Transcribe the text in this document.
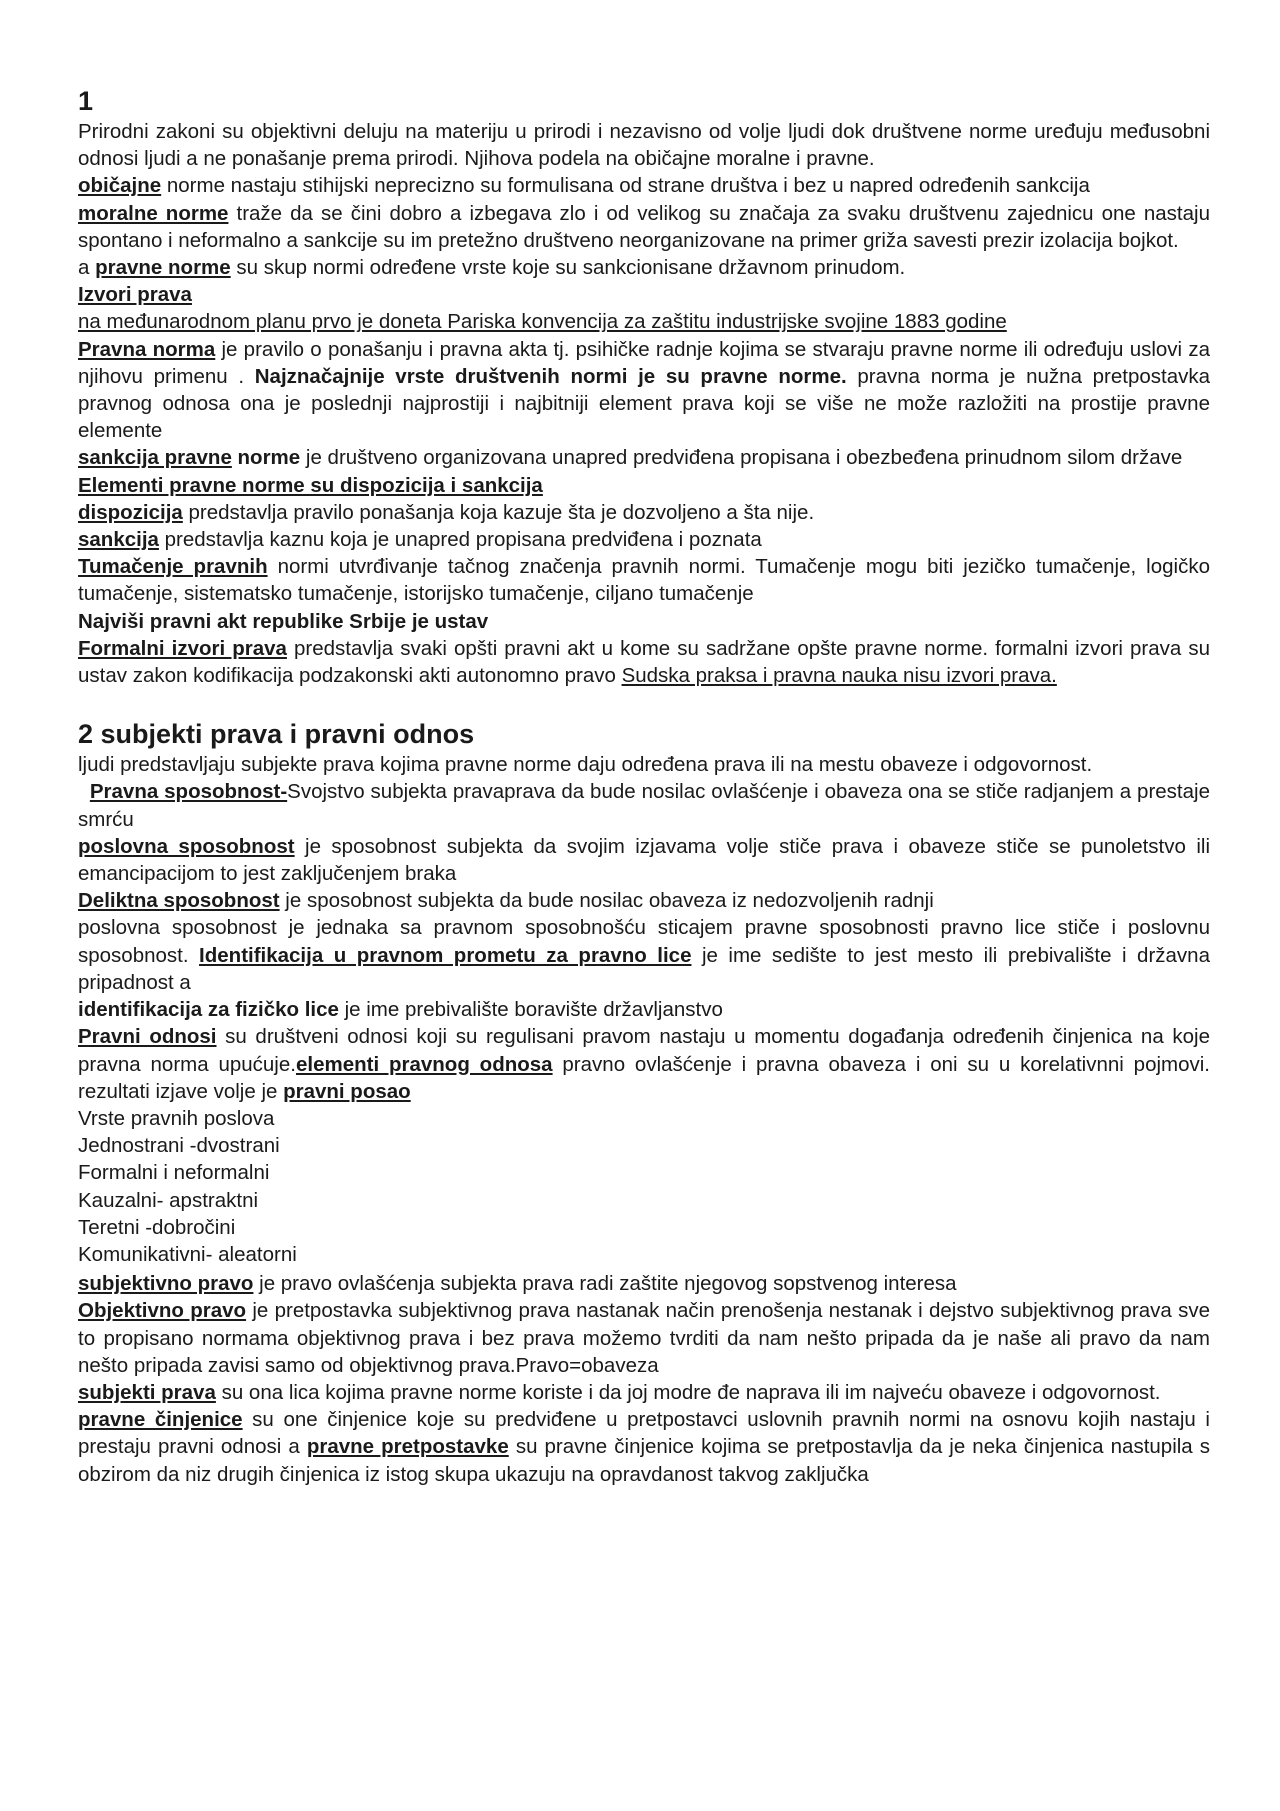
1

Prirodni zakoni su objektivni deluju na materiju u prirodi i nezavisno od volje ljudi dok društvene norme uređuju međusobni odnosi ljudi a ne ponašanje prema prirodi. Njihova podela na običajne moralne i pravne.

običajne norme nastaju stihijski neprecizno su formulisana od strane društva i bez u napred određenih sankcija

moralne norme traže da se čini dobro a izbegava zlo i od velikog su značaja za svaku društvenu zajednicu one nastaju spontano i neformalno a sankcije su im pretežno društveno neorganizovane na primer griža savesti prezir izolacija bojkot.

a pravne norme su skup normi određene vrste koje su sankcionisane državnom prinudom.

Izvori prava

na međunarodnom planu prvo je doneta Pariska konvencija za zaštitu industrijske svojine 1883 godine

Pravna norma je pravilo o ponašanju i pravna akta tj. psihičke radnje kojima se stvaraju pravne norme ili određuju uslovi za njihovu primenu . Najznačajnije vrste društvenih normi je su pravne norme. pravna norma je nužna pretpostavka pravnog odnosa ona je poslednji najprostiji i najbitniji element prava koji se više ne može razložiti na prostije pravne elemente

sankcija pravne norme je društveno organizovana unapred predviđena propisana i obezbeđena prinudnom silom države

Elementi pravne norme su dispozicija i sankcija

dispozicija predstavlja pravilo ponašanja koja kazuje šta je dozvoljeno a šta nije.

sankcija predstavlja kaznu koja je unapred propisana predviđena i poznata

Tumačenje pravnih normi utvrđivanje tačnog značenja pravnih normi. Tumačenje mogu biti jezičko tumačenje, logičko tumačenje, sistematsko tumačenje, istorijsko tumačenje, ciljano tumačenje

Najviši pravni akt republike Srbije je ustav

Formalni izvori prava predstavlja svaki opšti pravni akt u kome su sadržane opšte pravne norme. formalni izvori prava su ustav zakon kodifikacija podzakonski akti autonomno pravo Sudska praksa i pravna nauka nisu izvori prava.

2 subjekti prava i pravni odnos

ljudi predstavljaju subjekte prava kojima pravne norme daju određena prava ili na mestu obaveze i odgovornost.

Pravna sposobnost-Svojstvo subjekta pravaprava da bude nosilac ovlašćenje i obaveza ona se stiče radjanjem a prestaje smrću

poslovna sposobnost je sposobnost subjekta da svojim izjavama volje stiče prava i obaveze stiče se punoletstvo ili emancipacijom to jest zaključenjem braka

Deliktna sposobnost je sposobnost subjekta da bude nosilac obaveza iz nedozvoljenih radnji

poslovna sposobnost je jednaka sa pravnom sposobnošću sticajem pravne sposobnosti pravno lice stiče i poslovnu sposobnost. Identifikacija u pravnom prometu za pravno lice je ime sedište to jest mesto ili prebivalište i državna pripadnost a

identifikacija za fizičko lice je ime prebivalište boravište državljanstvo

Pravni odnosi su društveni odnosi koji su regulisani pravom nastaju u momentu događanja određenih činjenica na koje pravna norma upućuje.elementi pravnog odnosa pravno ovlašćenje i pravna obaveza i oni su u korelativnni pojmovi. rezultati izjave volje je pravni posao

Vrste pravnih poslova

Jednostrani -dvostrani

Formalni i neformalni

Kauzalni- apstraktni

Teretni -dobročini

Komunikativni- aleatorni

subjektivno pravo je pravo ovlašćenja subjekta prava radi zaštite njegovog sopstvenog interesa

Objektivno pravo je pretpostavka subjektivnog prava nastanak način prenošenja nestanak i dejstvo subjektivnog prava sve to propisano normama objektivnog prava i bez prava možemo tvrditi da nam nešto pripada da je naše ali pravo da nam nešto pripada zavisi samo od objektivnog prava.Pravo=obaveza

subjekti prava su ona lica kojima pravne norme koriste i da joj modre đe naprava ili im najveću obaveze i odgovornost.

pravne činjenice su one činjenice koje su predviđene u pretpostavci uslovnih pravnih normi na osnovu kojih nastaju i prestaju pravni odnosi a pravne pretpostavke su pravne činjenice kojima se pretpostavlja da je neka činjenica nastupila s obzirom da niz drugih činjenica iz istog skupa ukazuju na opravdanost takvog zaključka
